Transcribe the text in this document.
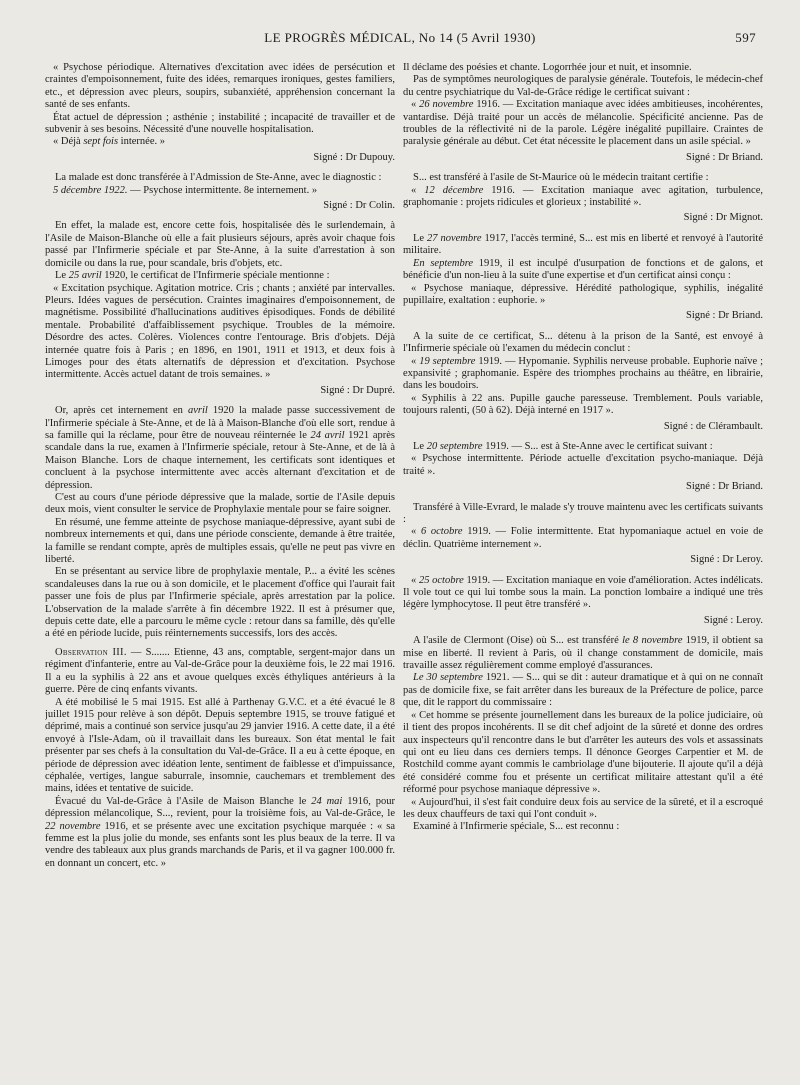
LE PROGRÈS MÉDICAL, No 14 (5 Avril 1930)	597

« Psychose périodique. Alternatives d'excitation avec idées de persécution et craintes d'empoisonnement, fuite des idées, remarques ironiques, gestes familiers, etc., et dépression avec pleurs, soupirs, subanxiété, appréhension concernant la santé de ses enfants.

État actuel de dépression ; asthénie ; instabilité ; incapacité de travailler et de subvenir à ses besoins. Nécessité d'une nouvelle hospitalisation.

« Déjà sept fois internée. »

Signé : Dr Dupouy.

La malade est donc transférée à l'Admission de Ste-Anne, avec le diagnostic :

5 décembre 1922. — Psychose intermittente. 8e internement. »

Signé : Dr Colin.

En effet, la malade est, encore cette fois, hospitalisée dès le surlendemain, à l'Asile de Maison-Blanche où elle a fait plusieurs séjours, après avoir chaque fois passé par l'Infirmerie spéciale et par Ste-Anne, à la suite d'arrestation à son domicile ou dans la rue, pour scandale, bris d'objets, etc.

Le 25 avril 1920, le certificat de l'Infirmerie spéciale mentionne :

« Excitation psychique. Agitation motrice. Cris ; chants ; anxiété par intervalles. Pleurs. Idées vagues de persécution. Craintes imaginaires d'empoisonnement, de magnétisme. Possibilité d'hallucinations auditives épisodiques. Fonds de débilité mentale. Probabilité d'affaiblissement psychique. Troubles de la mémoire. Désordre des actes. Colères. Violences contre l'entourage. Bris d'objets. Déjà internée quatre fois à Paris ; en 1896, en 1901, 1911 et 1913, et deux fois à Limoges pour des états alternatifs de dépression et d'excitation. Psychose intermittente. Accès actuel datant de trois semaines. »

Signé : Dr Dupré.

Or, après cet internement en avril 1920 la malade passe successivement de l'Infirmerie spéciale à Ste-Anne, et de là à Maison-Blanche d'où elle sort, rendue à sa famille qui la réclame, pour être de nouveau réinternée le 24 avril 1921 après scandale dans la rue, examen à l'Infirmerie spéciale, retour à Ste-Anne, et de là à Maison Blanche. Lors de chaque internement, les certificats sont identiques et concluent à la psychose intermittente avec accès alternant d'excitation et de dépression.

C'est au cours d'une période dépressive que la malade, sortie de l'Asile depuis deux mois, vient consulter le service de Prophylaxie mentale pour se faire soigner.

En résumé, une femme atteinte de psychose maniaque-dépressive, ayant subi de nombreux internements et qui, dans une période consciente, demande à être traitée, la famille se rendant compte, après de multiples essais, qu'elle ne peut pas vivre en liberté.

En se présentant au service libre de prophylaxie mentale, P... a évité les scènes scandaleuses dans la rue ou à son domicile, et le placement d'office qui l'aurait fait passer une fois de plus par l'Infirmerie spéciale, après arrestation par la police. L'observation de la malade s'arrête à fin décembre 1922. Il est à présumer que, depuis cette date, elle a parcouru le même cycle : retour dans sa famille, dès qu'elle a été en période lucide, puis réinternements successifs, lors des accès.

Observation III. — S....... Etienne, 43 ans, comptable, sergent-major dans un régiment d'infanterie, entre au Val-de-Grâce pour la deuxième fois, le 22 mai 1916. Il a eu la syphilis à 22 ans et avoue quelques excès éthyliques antérieurs à la guerre. Père de cinq enfants vivants.

A été mobilisé le 5 mai 1915. Est allé à Parthenay G.V.C. et a été évacué le 8 juillet 1915 pour relève à son dépôt. Depuis septembre 1915, se trouve fatigué et déprimé, mais a continué son service jusqu'au 29 janvier 1916. A cette date, il a été envoyé à l'Isle-Adam, où il travaillait dans les bureaux. Son état mental le fait présenter par ses chefs à la consultation du Val-de-Grâce. Il a eu à cette époque, en période de dépression avec idéation lente, sentiment de faiblesse et d'impuissance, céphalée, vertiges, langue saburrale, insomnie, cauchemars et tremblement des mains, idées et tentative de suicide.

Évacué du Val-de-Grâce à l'Asile de Maison Blanche le 24 mai 1916, pour dépression mélancolique, S..., revient, pour la troisième fois, au Val-de-Grâce, le 22 novembre 1916, et se présente avec une excitation psychique marquée : « sa femme est la plus jolie du monde, ses enfants sont les plus beaux de la terre. Il va vendre des tableaux aux plus grands marchands de Paris, et il va gagner 100.000 fr. en donnant un concert, etc. »

Il déclame des poésies et chante. Logorrhée jour et nuit, et insomnie.

Pas de symptômes neurologiques de paralysie générale. Toutefois, le médecin-chef du centre psychiatrique du Val-de-Grâce rédige le certificat suivant :

« 26 novembre 1916. — Excitation maniaque avec idées ambitieuses, incohérentes, vantardise. Déjà traité pour un accès de mélancolie. Spécificité ancienne. Pas de troubles de la réflectivité ni de la parole. Légère inégalité pupillaire. Craintes de paralysie générale au début. Cet état nécessite le placement dans un asile spécial. »

Signé : Dr Briand.

S... est transféré à l'asile de St-Maurice où le médecin traitant certifie :

« 12 décembre 1916. — Excitation maniaque avec agitation, turbulence, graphomanie : projets ridicules et glorieux ; instabilité ».

Signé : Dr Mignot.

Le 27 novembre 1917, l'accès terminé, S... est mis en liberté et renvoyé à l'autorité militaire.

En septembre 1919, il est inculpé d'usurpation de fonctions et de galons, et bénéficie d'un non-lieu à la suite d'une expertise et d'un certificat ainsi conçu :

« Psychose maniaque, dépressive. Hérédité pathologique, syphilis, inégalité pupillaire, exaltation : euphorie. »

Signé : Dr Briand.

A la suite de ce certificat, S... détenu à la prison de la Santé, est envoyé à l'Infirmerie spéciale où l'examen du médecin conclut :

« 19 septembre 1919. — Hypomanie. Syphilis nerveuse probable. Euphorie naïve ; expansivité ; graphomanie. Espère des triomphes prochains au théâtre, en librairie, dans les boudoirs.

« Syphilis à 22 ans. Pupille gauche paresseuse. Tremblement. Pouls variable, toujours ralenti, (50 à 62). Déjà interné en 1917 ».

Signé : de Clérambault.

Le 20 septembre 1919. — S... est à Ste-Anne avec le certificat suivant :

« Psychose intermittente. Période actuelle d'excitation psycho-maniaque. Déjà traité ».

Signé : Dr Briand.

Transféré à Ville-Evrard, le malade s'y trouve maintenu avec les certificats suivants :

« 6 octobre 1919. — Folie intermittente. Etat hypomaniaque actuel en voie de déclin. Quatrième internement ».

Signé : Dr Leroy.

« 25 octobre 1919. — Excitation maniaque en voie d'amélioration. Actes indélicats. Il vole tout ce qui lui tombe sous la main. La ponction lombaire a indiqué une très légère lymphocytose. Il peut être transféré ».

Signé : Leroy.

A l'asile de Clermont (Oise) où S... est transféré le 8 novembre 1919, il obtient sa mise en liberté. Il revient à Paris, où il change constamment de domicile, mais travaille assez régulièrement comme employé d'assurances.

Le 30 septembre 1921. — S... qui se dit : auteur dramatique et à qui on ne connaît pas de domicile fixe, se fait arrêter dans les bureaux de la Préfecture de police, parce que, dit le rapport du commissaire :

« Cet homme se présente journellement dans les bureaux de la police judiciaire, où il tient des propos incohérents. Il se dit chef adjoint de la sûreté et donne des ordres aux inspecteurs qu'il rencontre dans le but d'arrêter les auteurs des vols et assassinats qui ont eu lieu dans ces derniers temps. Il dénonce Georges Carpentier et M. de Rostchild comme ayant commis le cambriolage d'une bijouterie. Il ajoute qu'il a déjà été considéré comme fou et présente un certificat militaire attestant qu'il a été réformé pour psychose maniaque dépressive ».

« Aujourd'hui, il s'est fait conduire deux fois au service de la sûreté, et il a escroqué les deux chauffeurs de taxi qui l'ont conduit ».

Examiné à l'Infirmerie spéciale, S... est reconnu :
